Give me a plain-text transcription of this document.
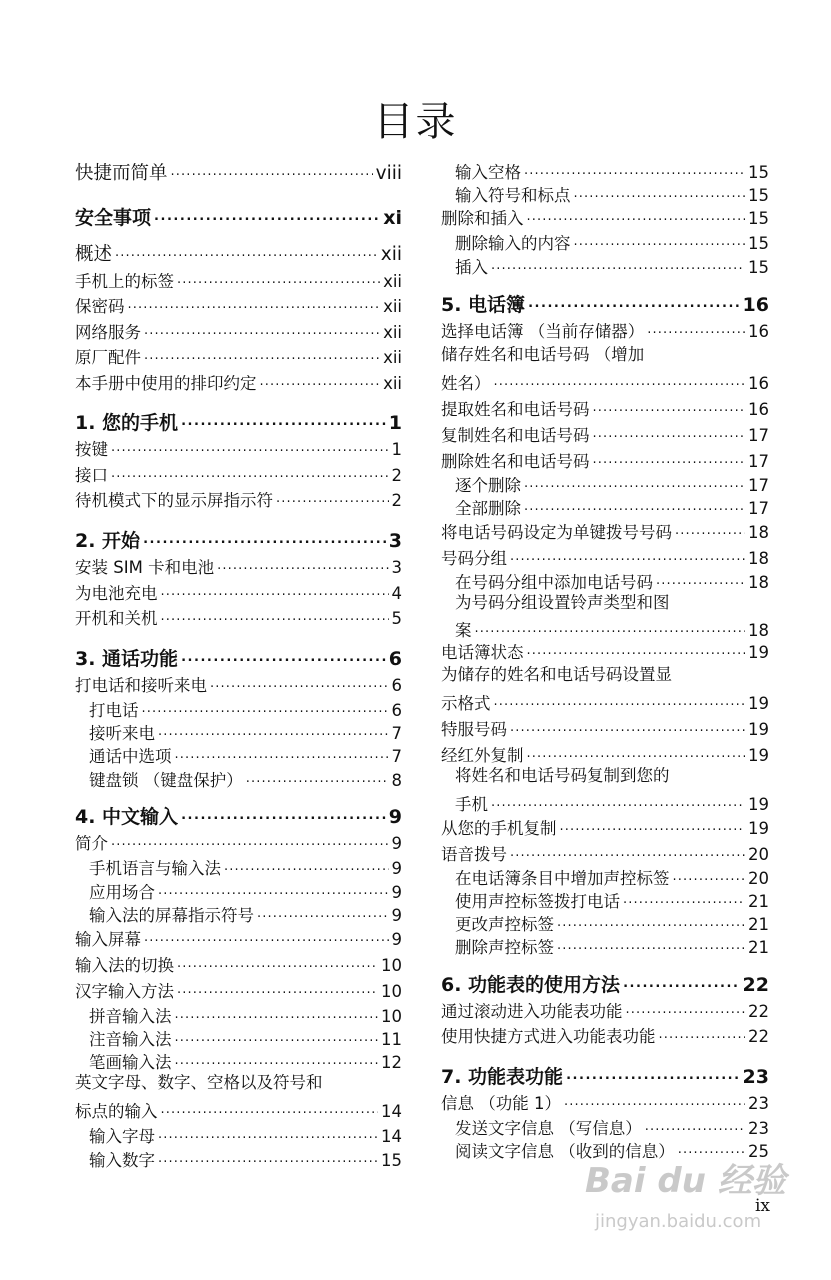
目录
快捷而简单 . . .	viii
安全事项 . . .	xi
概述 . . .	xii
手机上的标签 . . .	xii
保密码 . . .	xii
网络服务 . . .	xii
原厂配件 . . .	xii
本手册中使用的排印约定 . . .	xii
1. 您的手机 . . .	1
按键 . . .	1
接口 . . .	2
待机模式下的显示屏指示符 . . .	2
2. 开始 . . .	3
安装 SIM 卡和电池 . . .	3
为电池充电 . . .	4
开机和关机 . . .	5
3. 通话功能 . . .	6
打电话和接听来电 . . .	6
打电话 . . .	6
接听来电 . . .	7
通话中选项 . . .	7
键盘锁 （键盘保护） . . .	8
4. 中文输入 . . .	9
简介 . . .	9
手机语言与输入法 . . .	9
应用场合 . . .	9
输入法的屏幕指示符号 . . .	9
输入屏幕 . . .	9
输入法的切换 . . .	10
汉字输入方法 . . .	10
拼音输入法 . . .	10
注音输入法 . . .	11
笔画输入法 . . .	12
英文字母、数字、空格以及符号和
标点的输入 . . .	14
输入字母 . . .	14
输入数字 . . .	15
输入空格 . . .	15
输入符号和标点 . . .	15
删除和插入 . . .	15
删除输入的内容 . . .	15
插入 . . .	15
5. 电话簿 . . .	16
选择电话簿 （当前存储器） . . .	16
储存姓名和电话号码 （增加
姓名） . . .	16
提取姓名和电话号码 . . .	16
复制姓名和电话号码 . . .	17
删除姓名和电话号码 . . .	17
逐个删除 . . .	17
全部删除 . . .	17
将电话号码设定为单键拨号号码 . . .	18
号码分组 . . .	18
在号码分组中添加电话号码 . . .	18
为号码分组设置铃声类型和图
案 . . .	18
电话簿状态 . . .	19
为储存的姓名和电话号码设置显
示格式 . . .	19
特服号码 . . .	19
经红外复制 . . .	19
将姓名和电话号码复制到您的
手机 . . .	19
从您的手机复制 . . .	19
语音拨号 . . .	20
在电话簿条目中增加声控标签 . . .	20
使用声控标签拨打电话 . . .	21
更改声控标签 . . .	21
删除声控标签 . . .	21
6. 功能表的使用方法 . . .	22
通过滚动进入功能表功能 . . .	22
使用快捷方式进入功能表功能 . . .	22
7. 功能表功能 . . .	23
信息 （功能 1） . . .	23
发送文字信息 （写信息） . . .	23
阅读文字信息 （收到的信息） . . .	25
Bai du 经验
jingyan.baidu.com
ix
